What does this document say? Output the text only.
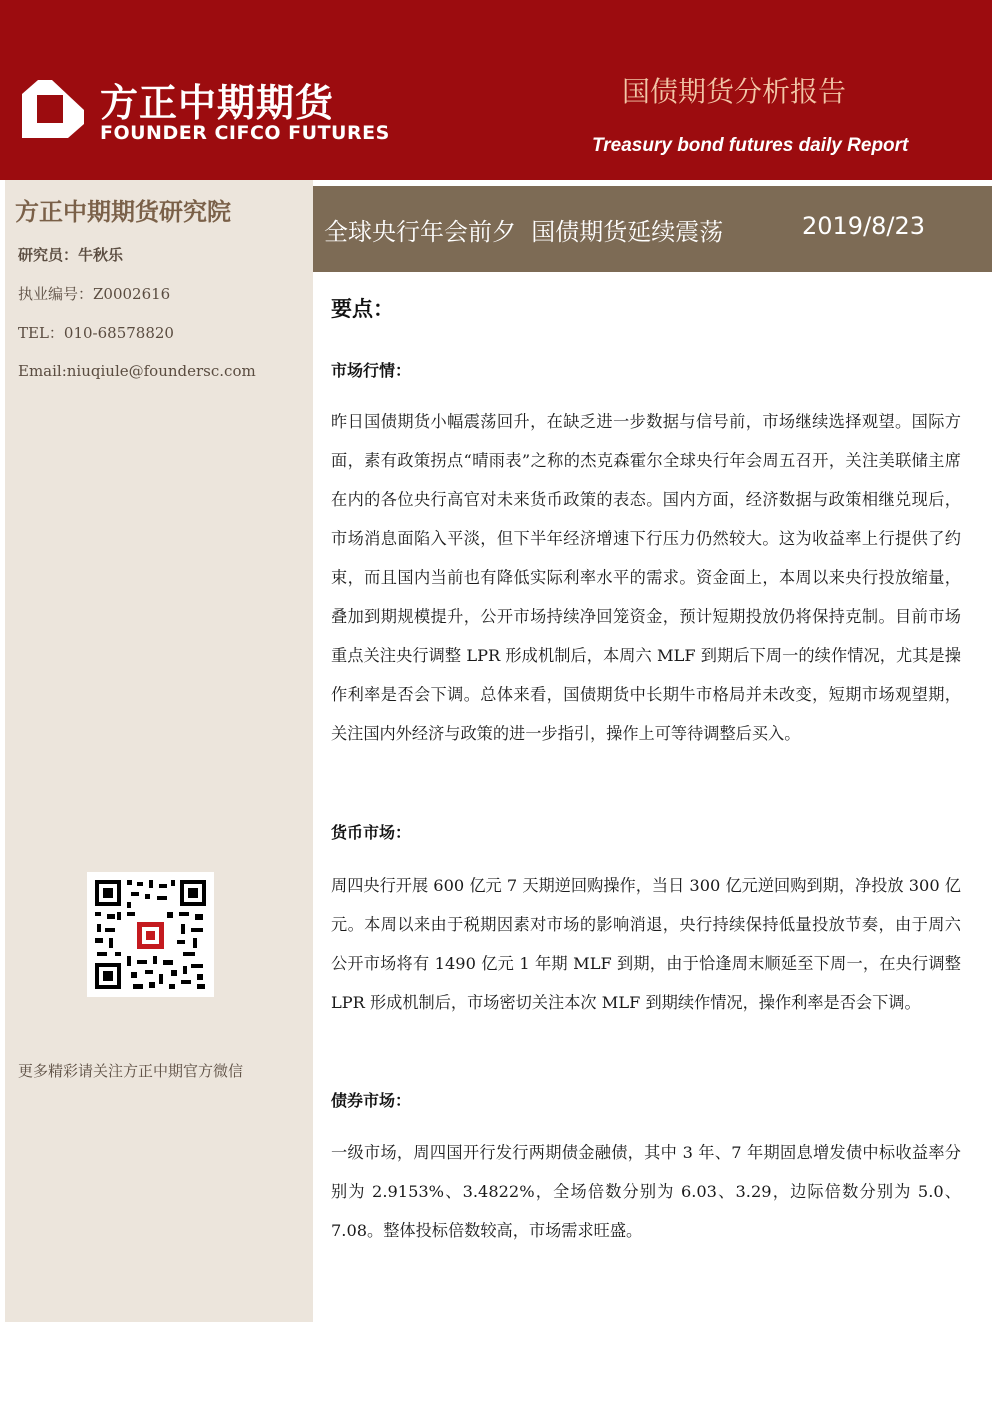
方正中期期货
FOUNDER CIFCO FUTURES
国债期货分析报告
Treasury bond futures daily Report
方正中期期货研究院
研究员：牛秋乐
执业编号：Z0002616
TEL：010-68578820
Email:niuqiule@foundersc.com
更多精彩请关注方正中期官方微信
全球央行年会前夕  国债期货延续震荡	2019/8/23
要点：
市场行情：

昨日国债期货小幅震荡回升，在缺乏进一步数据与信号前，市场继续选择观望。国际方面，素有政策拐点“晴雨表”之称的杰克森霍尔全球央行年会周五召开，关注美联储主席在内的各位央行高官对未来货币政策的表态。国内方面，经济数据与政策相继兑现后，市场消息面陷入平淡，但下半年经济增速下行压力仍然较大。这为收益率上行提供了约束，而且国内当前也有降低实际利率水平的需求。资金面上，本周以来央行投放缩量，叠加到期规模提升，公开市场持续净回笼资金，预计短期投放仍将保持克制。目前市场重点关注央行调整 LPR 形成机制后，本周六 MLF 到期后下周一的续作情况，尤其是操作利率是否会下调。总体来看，国债期货中长期牛市格局并未改变，短期市场观望期，关注国内外经济与政策的进一步指引，操作上可等待调整后买入。

货币市场：

周四央行开展 600 亿元 7 天期逆回购操作，当日 300 亿元逆回购到期，净投放 300 亿元。本周以来由于税期因素对市场的影响消退，央行持续保持低量投放节奏，由于周六公开市场将有 1490 亿元 1 年期 MLF 到期，由于恰逢周末顺延至下周一，在央行调整 LPR 形成机制后，市场密切关注本次 MLF 到期续作情况，操作利率是否会下调。

债券市场：

一级市场，周四国开行发行两期债金融债，其中 3 年、7 年期固息增发债中标收益率分别为 2.9153%、3.4822%，全场倍数分别为 6.03、3.29，边际倍数分别为 5.0、7.08。整体投标倍数较高，市场需求旺盛。
